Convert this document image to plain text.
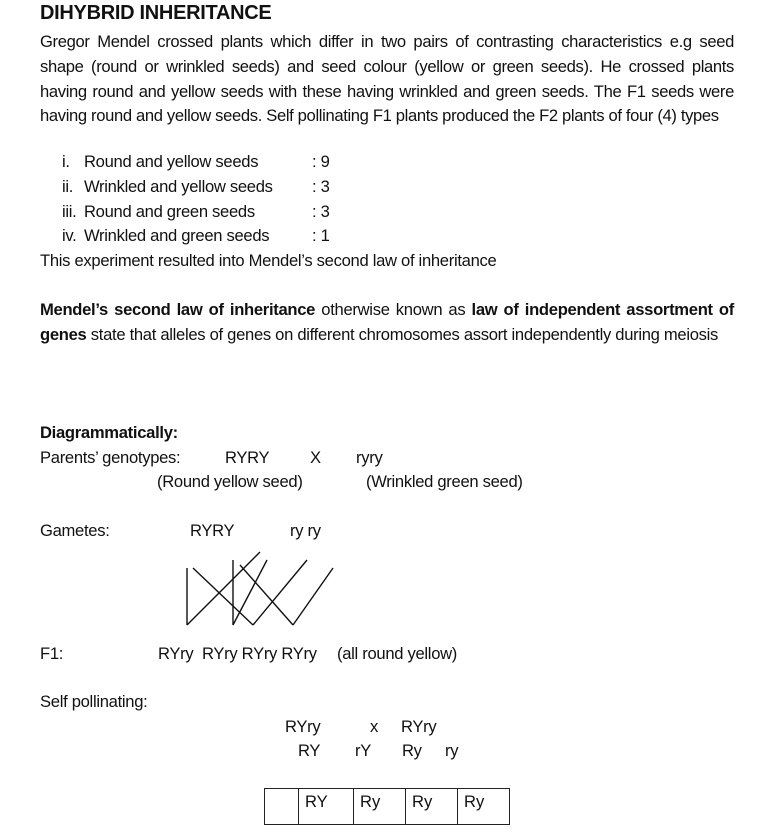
DIHYBRID INHERITANCE
Gregor Mendel crossed plants which differ in two pairs of contrasting characteristics e.g seed shape (round or wrinkled seeds) and seed colour (yellow or green seeds). He crossed plants having round and yellow seeds with these having wrinkled and green seeds. The F1 seeds were having round and yellow seeds. Self pollinating F1 plants produced the F2 plants of four (4) types
i. Round and yellow seeds	: 9
ii. Wrinkled and yellow seeds : 3
iii. Round and green seeds	: 3
iv. Wrinkled and green seeds	: 1
This experiment resulted into Mendel’s second law of inheritance
Mendel’s second law of inheritance otherwise known as law of independent assortment of genes state that alleles of genes on different chromosomes assort independently during meiosis
Diagrammatically:
Parents’ genotypes:	RYRY X ryry
(Round yellow seed)	(Wrinkled green seed)
Gametes:	RYRY	ry ry
F1:	RYry  RYry RYry RYry (all round yellow)
Self pollinating:
RYry	x RYry
RY rY Ry ry
	RY	Ry	Ry	Ry
